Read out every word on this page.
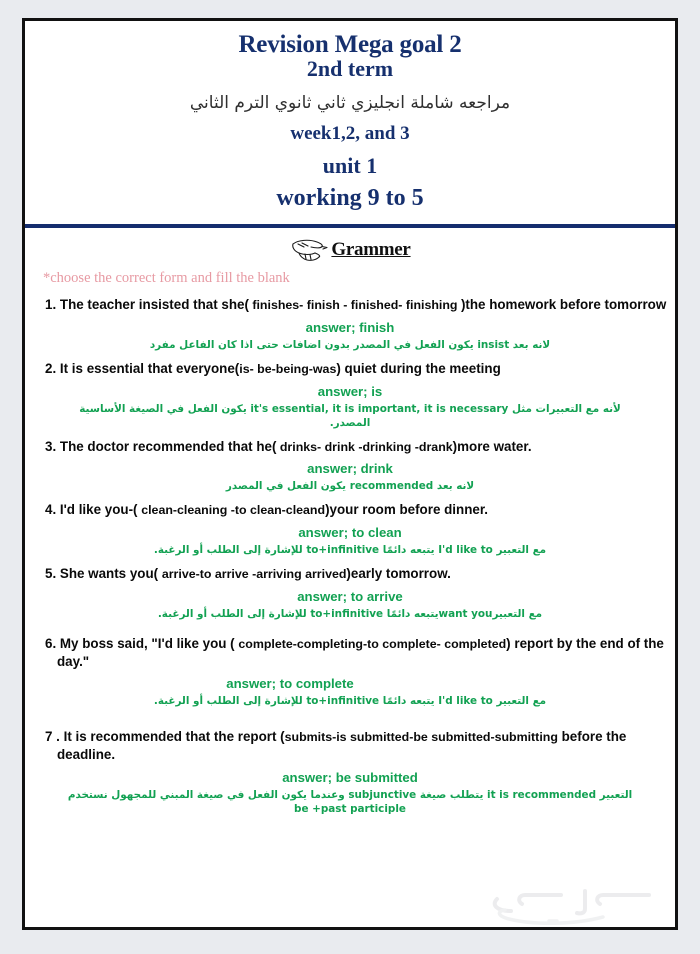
Revision Mega goal 2
2nd term
مراجعه شاملة انجليزي ثاني ثانوي الترم الثاني
week1,2, and 3
unit 1
working 9 to 5
Grammer
*choose the correct form and fill the blank
1. The teacher insisted that she( finishes- finish - finished- finishing )the homework before tomorrow
answer; finish
لانه بعد insist يكون الفعل في المصدر بدون اضافات حتى اذا كان الفاعل مفرد
2. It is essential that everyone(is- be-being-was) quiet during the meeting
answer; is
لأنه مع التعبيرات مثل it's essential, it is important, it is necessary يكون الفعل في الصيغة الأساسية المصدر.
3. The doctor recommended that he( drinks- drink -drinking -drank)more water.
answer; drink
لانه بعد recommended يكون الفعل في المصدر
4. I'd like you-( clean-cleaning -to clean-cleand)your room before dinner.
answer; to clean
مع التعبير I'd like to يتبعه دائمًا to+infinitive للإشارة إلى الطلب أو الرغبة.
5. She wants you( arrive-to arrive -arriving arrived)early tomorrow.
answer; to arrive
مع التعبيرwant youيتبعه دائمًا to+infinitive للإشارة إلى الطلب أو الرغبة.
6. My boss said, "I'd like you ( complete-completing-to complete- completed) report by the end of the day."
answer; to complete
مع التعبير I'd like to يتبعه دائمًا to+infinitive للإشارة إلى الطلب أو الرغبة.
7 . It is recommended that the report (submits-is submitted-be submitted-submitting before the deadline.
answer; be submitted
التعبير it is recommended يتطلب صيغة subjunctive وعندما يكون الفعل في صيغة المبني للمجهول نستخدم be +past participle
